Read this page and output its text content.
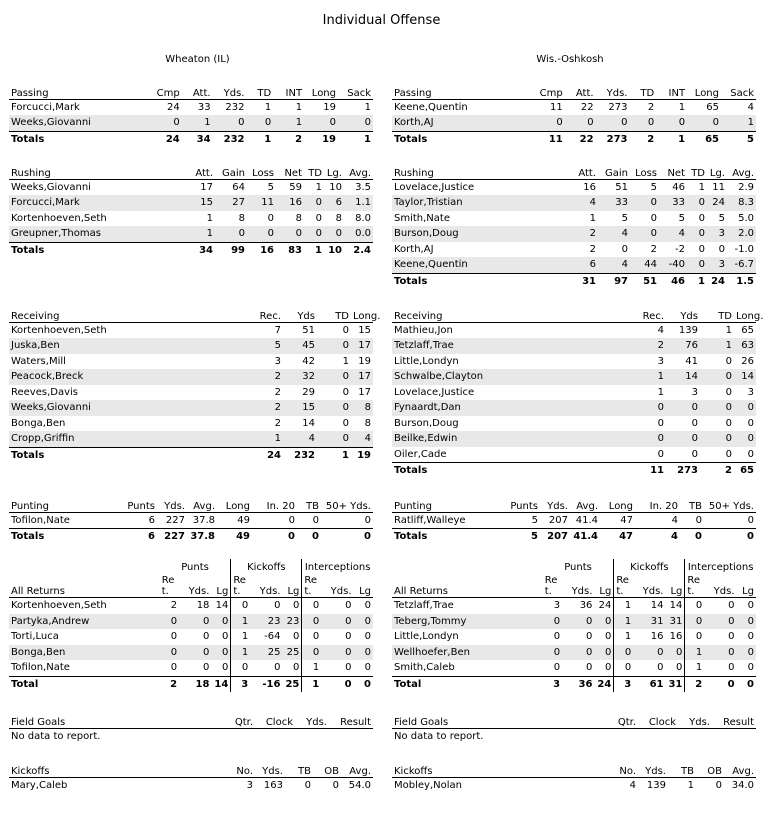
Individual Offense
Wheaton (IL)	Wis.-Oshkosh
Passing	Cmp	Att.	Yds.	TD	INT	Long	Sack
Forcucci,Mark	24	33	232	1	1	19	1
Weeks,Giovanni	0	1	0	0	1	0	0
Totals	24	34	232	1	2	19	1
Rushing	Att.	Gain	Loss	Net	TD	Lg.	Avg.
Weeks,Giovanni	17	64	5	59	1	10	3.5
Forcucci,Mark	15	27	11	16	0	6	1.1
Kortenhoeven,Seth	1	8	0	8	0	8	8.0
Greupner,Thomas	1	0	0	0	0	0	0.0
Totals	34	99	16	83	1	10	2.4
Receiving	Rec.	Yds	TD	Long.
Kortenhoeven,Seth	7	51	0	15
Juska,Ben	5	45	0	17
Waters,Mill	3	42	1	19
Peacock,Breck	2	32	0	17
Reeves,Davis	2	29	0	17
Weeks,Giovanni	2	15	0	8
Bonga,Ben	2	14	0	8
Cropp,Griffin	1	4	0	4
Totals	24	232	1	19
Punting	Punts	Yds.	Avg.	Long	In. 20	TB	50+ Yds.
Tofilon,Nate	6	227	37.8	49	0	0	0
Totals	6	227	37.8	49	0	0	0
	Punts			Kickoffs			Interceptions		
All Returns	Re t.	Yds.	Lg	Re t.	Yds.	Lg	Re t.	Yds.	Lg
Kortenhoeven,Seth	2	18	14	0	0	0	0	0	0
Partyka,Andrew	0	0	0	1	23	23	0	0	0
Torti,Luca	0	0	0	1	-64	0	0	0	0
Bonga,Ben	0	0	0	1	25	25	0	0	0
Tofilon,Nate	0	0	0	0	0	0	1	0	0
Total	2	18	14	3	-16	25	1	0	0
Field Goals	Qtr.	Clock	Yds.	Result
No data to report.
Kickoffs	No.	Yds.	TB	OB	Avg.
Mary,Caleb	3	163	0	0	54.0
Passing	Cmp	Att.	Yds.	TD	INT	Long	Sack
Keene,Quentin	11	22	273	2	1	65	4
Korth,AJ	0	0	0	0	0	0	1
Totals	11	22	273	2	1	65	5
Rushing	Att.	Gain	Loss	Net	TD	Lg.	Avg.
Lovelace,Justice	16	51	5	46	1	11	2.9
Taylor,Tristian	4	33	0	33	0	24	8.3
Smith,Nate	1	5	0	5	0	5	5.0
Burson,Doug	2	4	0	4	0	3	2.0
Korth,AJ	2	0	2	-2	0	0	-1.0
Keene,Quentin	6	4	44	-40	0	3	-6.7
Totals	31	97	51	46	1	24	1.5
Receiving	Rec.	Yds	TD	Long.
Mathieu,Jon	4	139	1	65
Tetzlaff,Trae	2	76	1	63
Little,Londyn	3	41	0	26
Schwalbe,Clayton	1	14	0	14
Lovelace,Justice	1	3	0	3
Fynaardt,Dan	0	0	0	0
Burson,Doug	0	0	0	0
Beilke,Edwin	0	0	0	0
Oiler,Cade	0	0	0	0
Totals	11	273	2	65
Punting	Punts	Yds.	Avg.	Long	In. 20	TB	50+ Yds.
Ratliff,Walleye	5	207	41.4	47	4	0	0
Totals	5	207	41.4	47	4	0	0
	Punts			Kickoffs			Interceptions		
All Returns	Re t.	Yds.	Lg	Re t.	Yds.	Lg	Re t.	Yds.	Lg
Tetzlaff,Trae	3	36	24	1	14	14	0	0	0
Teberg,Tommy	0	0	0	1	31	31	0	0	0
Little,Londyn	0	0	0	1	16	16	0	0	0
Wellhoefer,Ben	0	0	0	0	0	0	1	0	0
Smith,Caleb	0	0	0	0	0	0	1	0	0
Total	3	36	24	3	61	31	2	0	0
Field Goals	Qtr.	Clock	Yds.	Result
No data to report.
Kickoffs	No.	Yds.	TB	OB	Avg.
Mobley,Nolan	4	139	1	0	34.0
